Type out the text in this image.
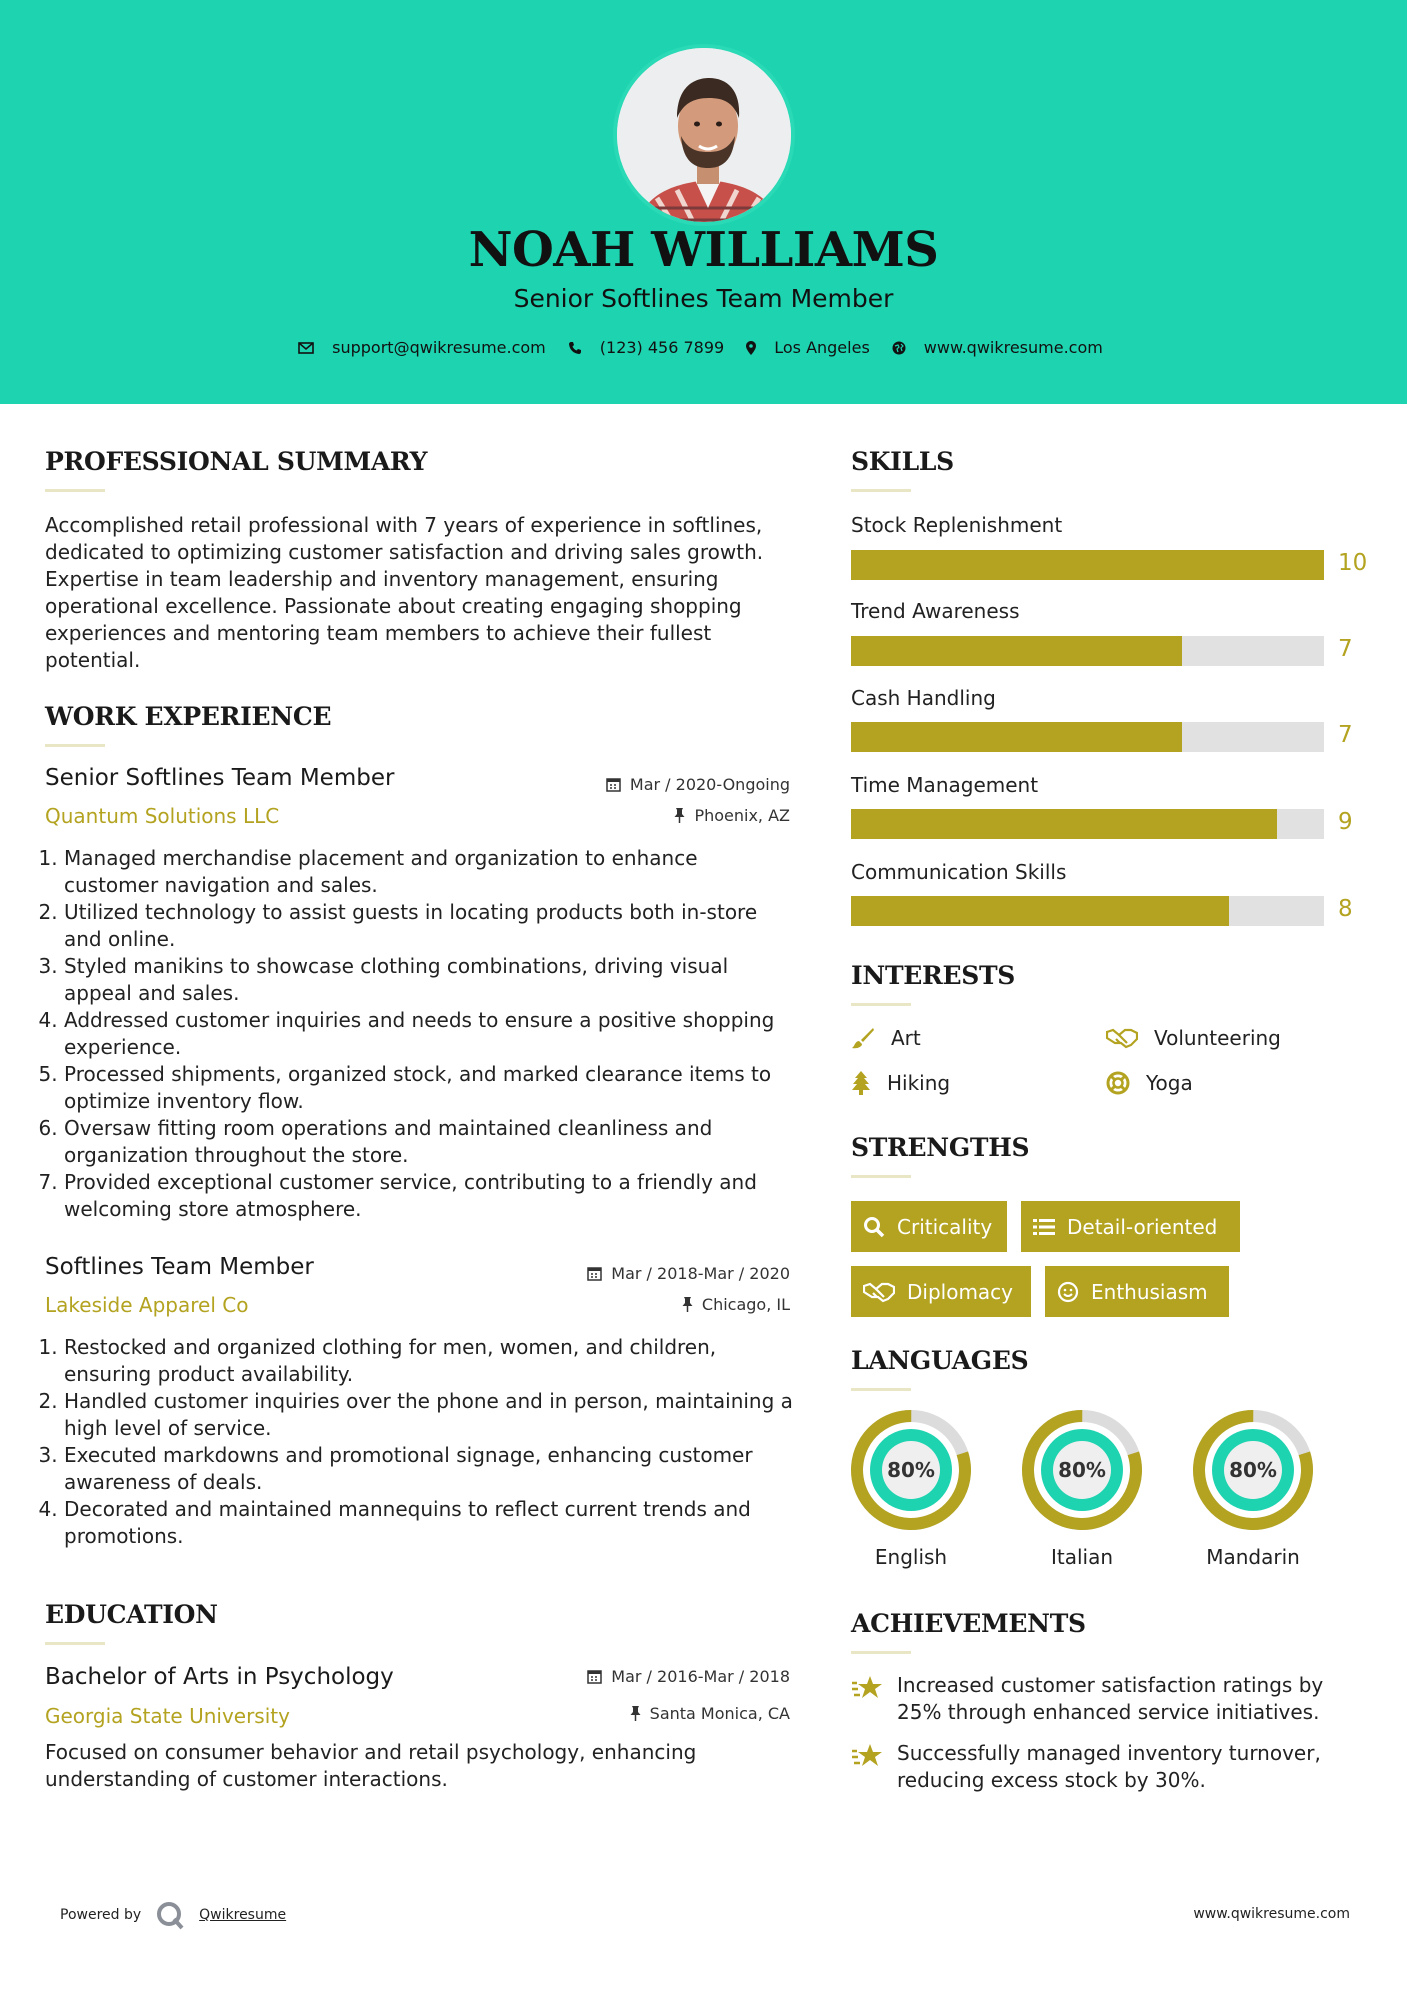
NOAH WILLIAMS
Senior Softlines Team Member
support@qwikresume.com	(123) 456 7899	Los Angeles	www.qwikresume.com
PROFESSIONAL SUMMARY
Accomplished retail professional with 7 years of experience in softlines, dedicated to optimizing customer satisfaction and driving sales growth. Expertise in team leadership and inventory management, ensuring operational excellence. Passionate about creating engaging shopping experiences and mentoring team members to achieve their fullest potential.
WORK EXPERIENCE
Senior Softlines Team Member
Quantum Solutions LLC
Mar / 2020-Ongoing
Phoenix, AZ
1. Managed merchandise placement and organization to enhance customer navigation and sales.
2. Utilized technology to assist guests in locating products both in-store and online.
3. Styled manikins to showcase clothing combinations, driving visual appeal and sales.
4. Addressed customer inquiries and needs to ensure a positive shopping experience.
5. Processed shipments, organized stock, and marked clearance items to optimize inventory flow.
6. Oversaw fitting room operations and maintained cleanliness and organization throughout the store.
7. Provided exceptional customer service, contributing to a friendly and welcoming store atmosphere.
Softlines Team Member
Lakeside Apparel Co
Mar / 2018-Mar / 2020
Chicago, IL
1. Restocked and organized clothing for men, women, and children, ensuring product availability.
2. Handled customer inquiries over the phone and in person, maintaining a high level of service.
3. Executed markdowns and promotional signage, enhancing customer awareness of deals.
4. Decorated and maintained mannequins to reflect current trends and promotions.
EDUCATION
Bachelor of Arts in Psychology
Georgia State University
Mar / 2016-Mar / 2018
Santa Monica, CA
Focused on consumer behavior and retail psychology, enhancing understanding of customer interactions.
SKILLS
Stock Replenishment
10
Trend Awareness
7
Cash Handling
7
Time Management
9
Communication Skills
8
INTERESTS
Art	Volunteering
Hiking	Yoga
STRENGTHS
Criticality	Detail-oriented
Diplomacy	Enthusiasm
LANGUAGES
80%
English
80%
Italian
80%
Mandarin
ACHIEVEMENTS
Increased customer satisfaction ratings by 25% through enhanced service initiatives.
Successfully managed inventory turnover, reducing excess stock by 30%.
Powered by	Qwikresume	www.qwikresume.com
